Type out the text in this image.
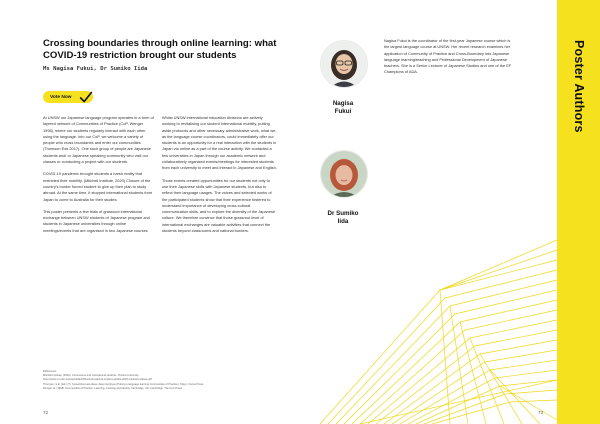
Poster Authors
Crossing boundaries through online learning: what COVID-19 restriction brought our students
Ms Nagisa Fukui, Dr Sumiko Iida
Vote Now

At UNSW our Japanese language program operates in a form of layered network of Communities of Practice (CoP, Wenger 1998), where our students regularly interact with each other using the language. Into our CoP, we welcome a variety of people who cross boundaries and enter our communities (Thomson Eds 2017). One such group of people are Japanese students and/ or Japanese speaking community who visit our classes or conducting a project with our students.

COVID-19 pandemic brought students a harsh reality that restricted their mobility. (Mitchell Institute, 2020) Closure of the country's border forced student to give up their plan to study abroad. At the same time, it stopped international students from Japan to come to Australia for their studies.

This poster presents a few trials of grassroot international exchange between UNSW students of Japanese program and students in Japanese universities through online meetings/events that are organised in two Japanese courses

Whilst UNSW international education divisions are actively working to revitalising our student international mobility, putting aside protocols and other necessary administrative work, what we, as the language course coordinators, could immediately offer our students is an opportunity for a real interaction with the students in Japan via online as a part of the course activity. We contacted a few universities in Japan through our academic network and collaboratively organised events/meetings for interested students from each university to meet and interact in Japanese and English.

Those events created opportunities for our students not only to use their Japanese skills with Japanese students, but also to reflect their language usages. The voices and selected works of the participated students show that their experience fostered to understand importance of developing cross-cultural communication skills, and to explore the diversity of the Japanese culture. We therefore convince that those grassroot level of international exchanges are valuable activities that connect the students beyond classrooms and national borders.

Nagisa
Fukui
Dr Sumiko
Iida
Nagisa Fukui is the coordinator of the first-year Japanese course which is the largest language course at UNSW. Her recent research examines her application of Community of Practice and Cross-Boundary into Japanese language learning/teaching and Professional Development of Japanese teachers. She is a Senior Lecturer of Japanese Studies and one of the EF Champions of ADA.
References
Mitchell Institute. (2020). Coronavirus and international students. Victoria University.
https://www.vu.edu.au/sites/default/files/international-student-update-2020-mitchell-institute.pdf
Thomson, G.E. (Ed.) (?). Kyoushitsu kara ikasu Jissen kenkyuu (Putting a language learning Communities of Practice). Tokyo: Cocoo Press.
Wenger, E. (1998) Communities of Practice: Learning, meaning and identity. Cambridge, UK: Cambridge: The Univ Press.
72	73
